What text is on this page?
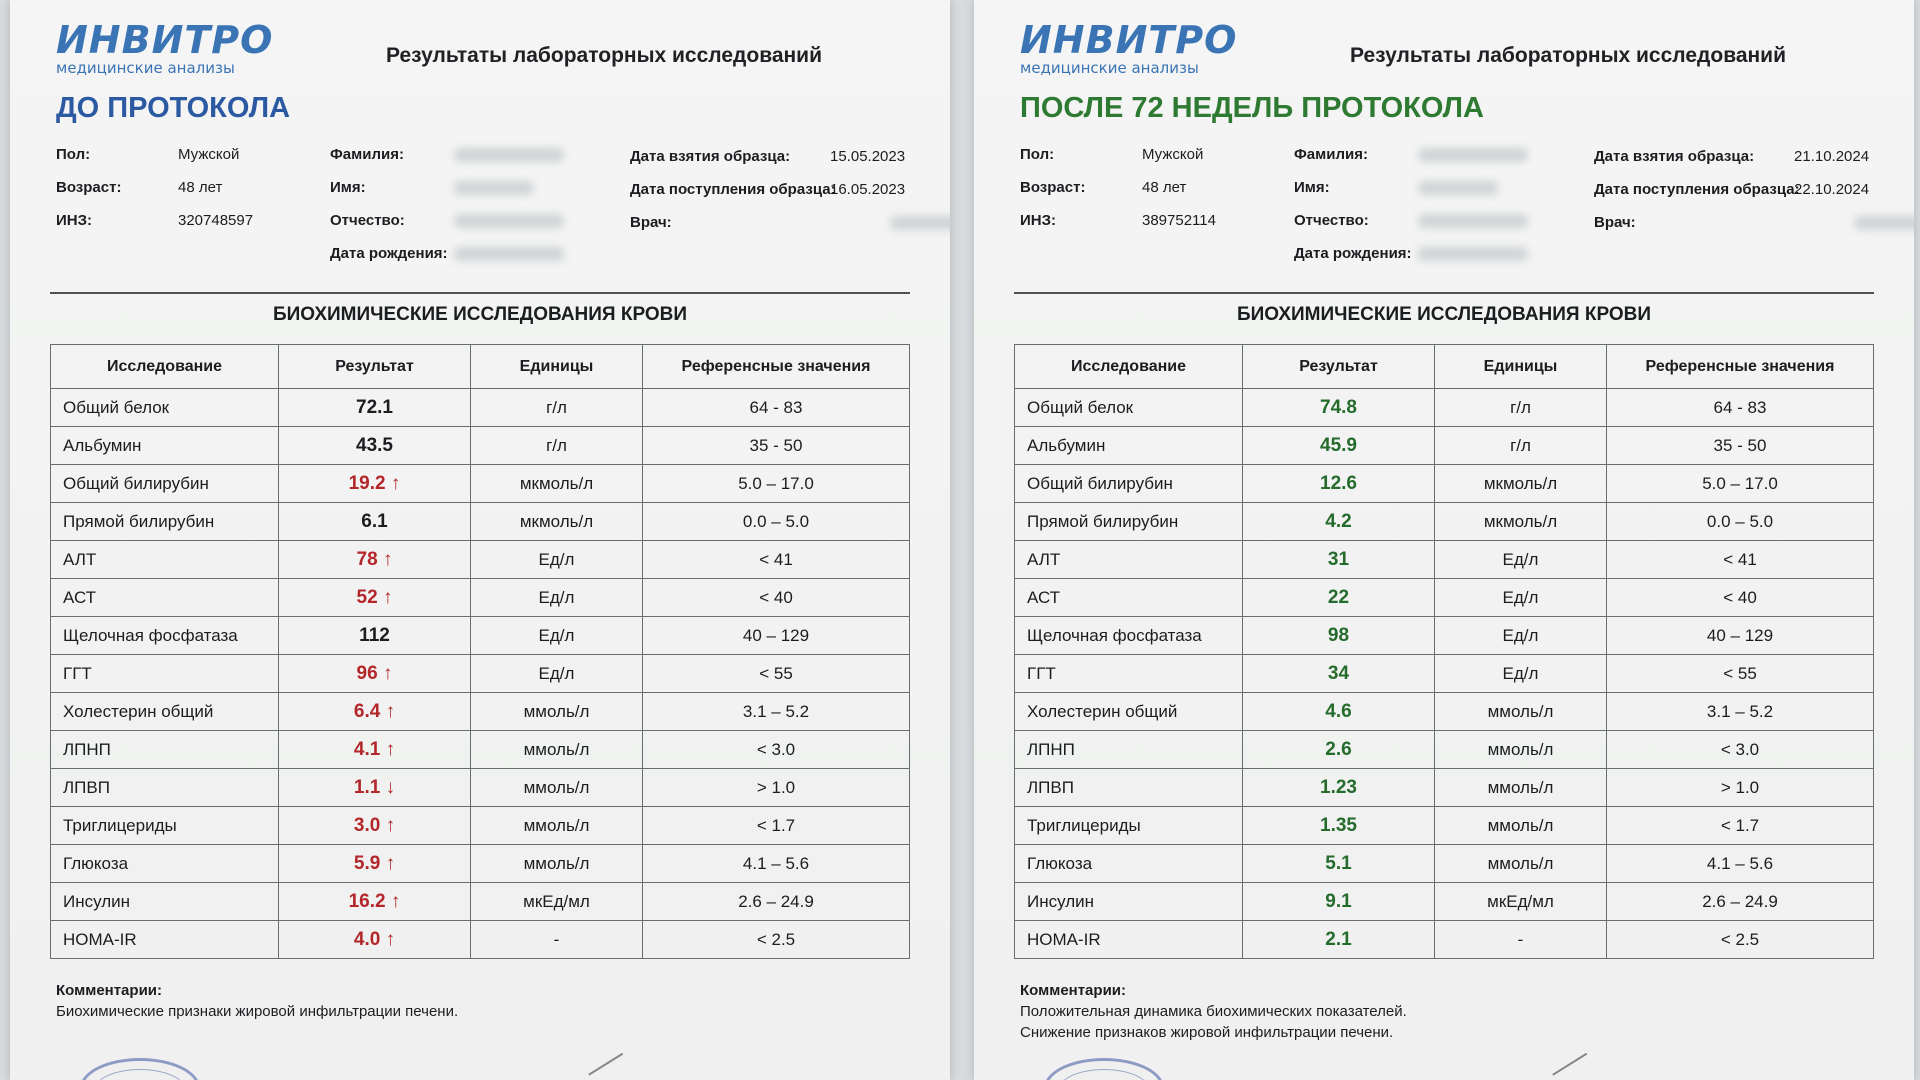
ИНВИТРО
медицинские анализы
Результаты лабораторных исследований
ДО ПРОТОКОЛА
Пол:	Мужской
Возраст:	48 лет
ИНЗ:	320748597
Фамилия:
Имя:
Отчество:
Дата рождения:
Дата взятия образца:	15.05.2023
Дата поступления образца:
16.05.2023
Врач:
БИОХИМИЧЕСКИЕ ИССЛЕДОВАНИЯ КРОВИ
Исследование	Результат	Единицы	Референсные значения
Общий белок	72.1	г/л	64 - 83
Альбумин	43.5	г/л	35 - 50
Общий билирубин	19.2 ↑	мкмоль/л	5.0 – 17.0
Прямой билирубин	6.1	мкмоль/л	0.0 – 5.0
АЛТ	78 ↑	Ед/л	< 41
АСТ	52 ↑	Ед/л	< 40
Щелочная фосфатаза	112	Ед/л	40 – 129
ГГТ	96 ↑	Ед/л	< 55
Холестерин общий	6.4 ↑	ммоль/л	3.1 – 5.2
ЛПНП	4.1 ↑	ммоль/л	< 3.0
ЛПВП	1.1 ↓	ммоль/л	> 1.0
Триглицериды	3.0 ↑	ммоль/л	< 1.7
Глюкоза	5.9 ↑	ммоль/л	4.1 – 5.6
Инсулин	16.2 ↑	мкЕд/мл	2.6 – 24.9
HOMA-IR	4.0 ↑	-	< 2.5
Комментарии:
Биохимические признаки жировой инфильтрации печени.
ИНВИТРО
медицинские анализы
Результаты лабораторных исследований
ПОСЛЕ 72 НЕДЕЛЬ ПРОТОКОЛА
Пол:	Мужской
Возраст:	48 лет
ИНЗ:	389752114
Фамилия:
Имя:
Отчество:
Дата рождения:
Дата взятия образца:	21.10.2024
Дата поступления образца:
22.10.2024
Врач:
БИОХИМИЧЕСКИЕ ИССЛЕДОВАНИЯ КРОВИ
Исследование	Результат	Единицы	Референсные значения
Общий белок	74.8	г/л	64 - 83
Альбумин	45.9	г/л	35 - 50
Общий билирубин	12.6	мкмоль/л	5.0 – 17.0
Прямой билирубин	4.2	мкмоль/л	0.0 – 5.0
АЛТ	31	Ед/л	< 41
АСТ	22	Ед/л	< 40
Щелочная фосфатаза	98	Ед/л	40 – 129
ГГТ	34	Ед/л	< 55
Холестерин общий	4.6	ммоль/л	3.1 – 5.2
ЛПНП	2.6	ммоль/л	< 3.0
ЛПВП	1.23	ммоль/л	> 1.0
Триглицериды	1.35	ммоль/л	< 1.7
Глюкоза	5.1	ммоль/л	4.1 – 5.6
Инсулин	9.1	мкЕд/мл	2.6 – 24.9
HOMA-IR	2.1	-	< 2.5
Комментарии:
Положительная динамика биохимических показателей.
Снижение признаков жировой инфильтрации печени.
